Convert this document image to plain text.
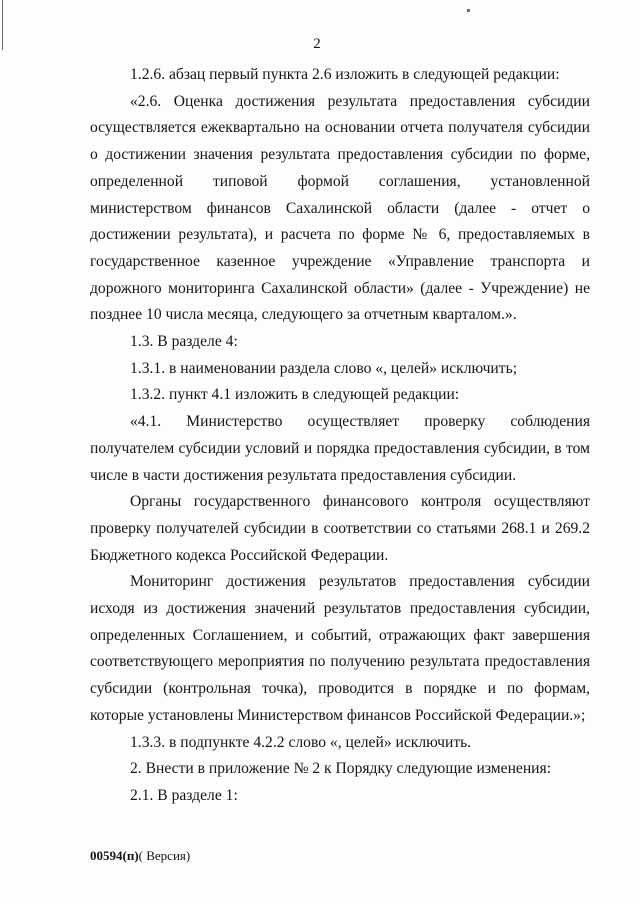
2

1.2.6. абзац первый пункта 2.6 изложить в следующей редакции:

«2.6. Оценка достижения результата предоставления субсидии осуществляется ежеквартально на основании отчета получателя субсидии о достижении значения результата предоставления субсидии по форме, определенной типовой формой соглашения, установленной министерством финансов Сахалинской области (далее - отчет о достижении результата), и расчета по форме № 6, предоставляемых в государственное казенное учреждение «Управление транспорта и дорожного мониторинга Сахалинской области» (далее - Учреждение) не позднее 10 числа месяца, следующего за отчетным кварталом.».

1.3. В разделе 4:

1.3.1. в наименовании раздела слово «, целей» исключить;

1.3.2. пункт 4.1 изложить в следующей редакции:

«4.1. Министерство осуществляет проверку соблюдения получателем субсидии условий и порядка предоставления субсидии, в том числе в части достижения результата предоставления субсидии.

Органы государственного финансового контроля осуществляют проверку получателей субсидии в соответствии со статьями 268.1 и 269.2 Бюджетного кодекса Российской Федерации.

Мониторинг достижения результатов предоставления субсидии исходя из достижения значений результатов предоставления субсидии, определенных Соглашением, и событий, отражающих факт завершения соответствующего мероприятия по получению результата предоставления субсидии (контрольная точка), проводится в порядке и по формам, которые установлены Министерством финансов Российской Федерации.»;

1.3.3. в подпункте 4.2.2 слово «, целей» исключить.

2. Внести в приложение № 2 к Порядку следующие изменения:

2.1. В разделе 1:

00594(п)( Версия)
